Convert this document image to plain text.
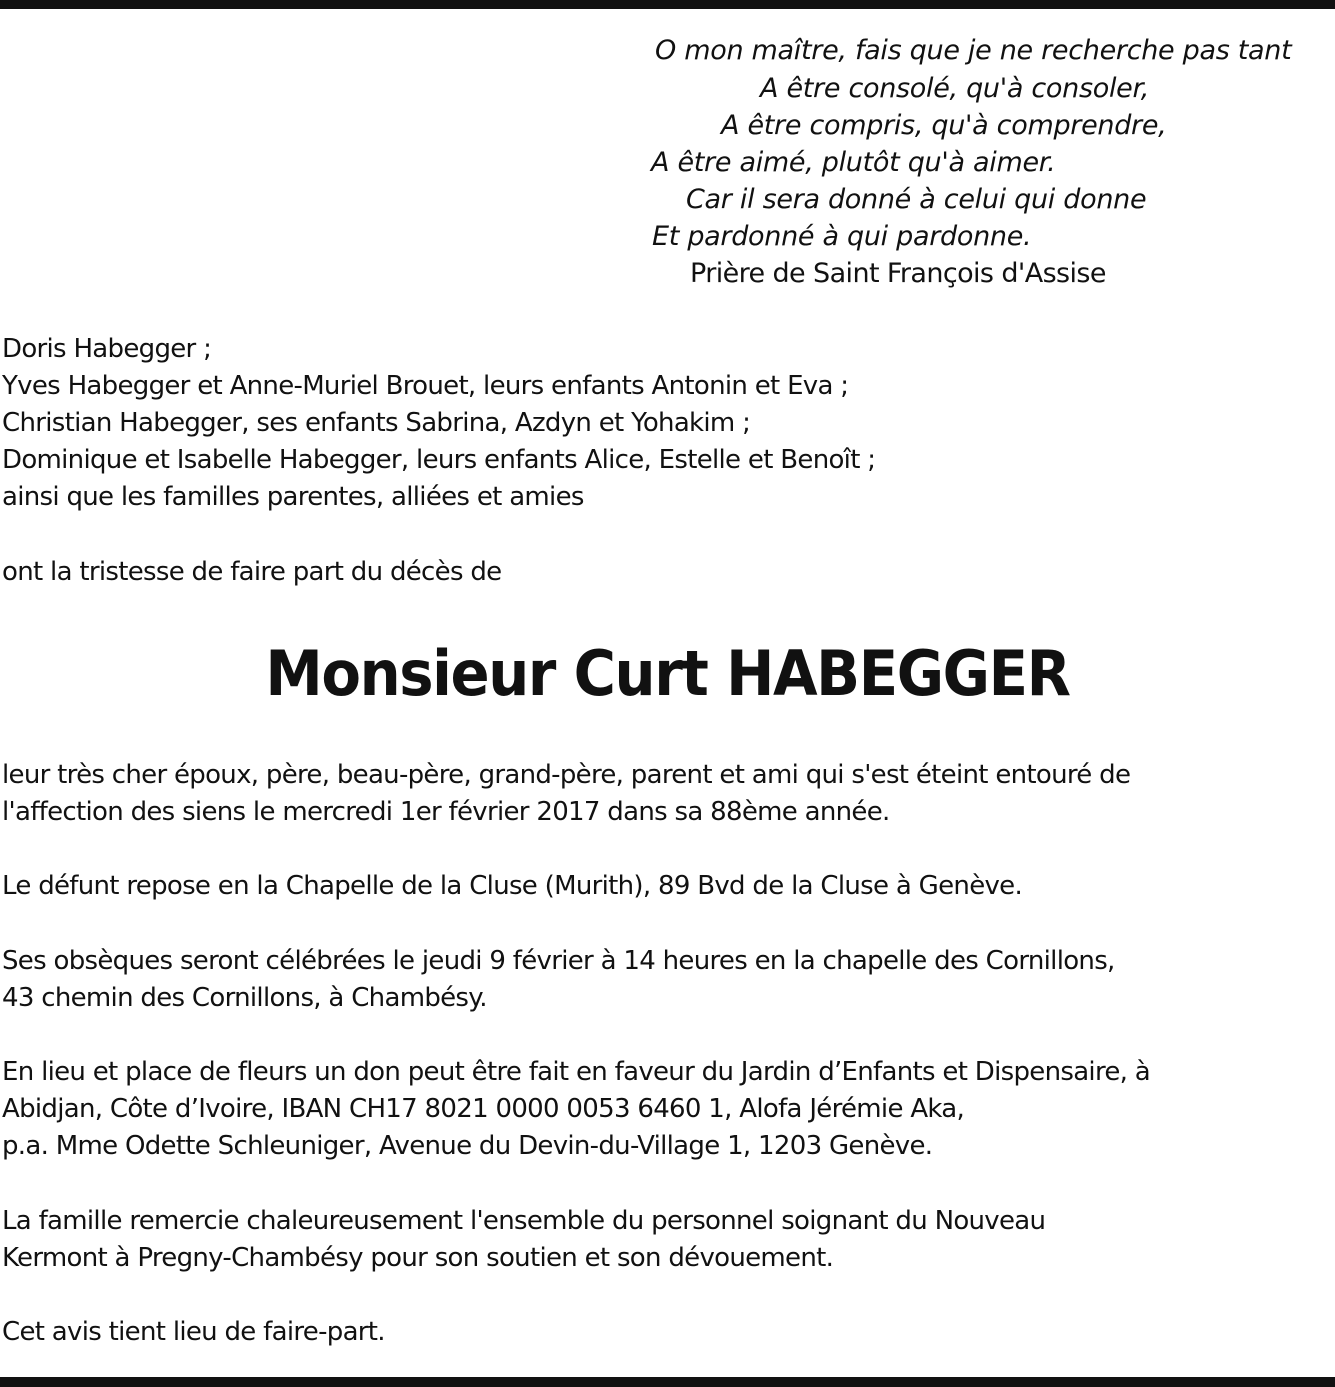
O mon maître, fais que je ne recherche pas tant
A être consolé, qu'à consoler,
A être compris, qu'à comprendre,
A être aimé, plutôt qu'à aimer.
Car il sera donné à celui qui donne
Et pardonné à qui pardonne.
Prière de Saint François d'Assise
Doris Habegger ;
Yves Habegger et Anne-Muriel Brouet, leurs enfants Antonin et Eva ;
Christian Habegger, ses enfants Sabrina, Azdyn et Yohakim ;
Dominique et Isabelle Habegger, leurs enfants Alice, Estelle et Benoît ;
ainsi que les familles parentes, alliées et amies
ont la tristesse de faire part du décès de
Monsieur Curt HABEGGER
leur très cher époux, père, beau-père, grand-père, parent et ami qui s'est éteint entouré de
l'affection des siens le mercredi 1er février 2017 dans sa 88ème année.
Le défunt repose en la Chapelle de la Cluse (Murith), 89 Bvd de la Cluse à Genève.
Ses obsèques seront célébrées le jeudi 9 février à 14 heures en la chapelle des Cornillons,
43 chemin des Cornillons, à Chambésy.
En lieu et place de fleurs un don peut être fait en faveur du Jardin d’Enfants et Dispensaire, à
Abidjan, Côte d’Ivoire, IBAN CH17 8021 0000 0053 6460 1, Alofa Jérémie Aka,
p.a. Mme Odette Schleuniger, Avenue du Devin-du-Village 1, 1203 Genève.
La famille remercie chaleureusement l'ensemble du personnel soignant du Nouveau
Kermont à Pregny-Chambésy pour son soutien et son dévouement.
Cet avis tient lieu de faire-part.
